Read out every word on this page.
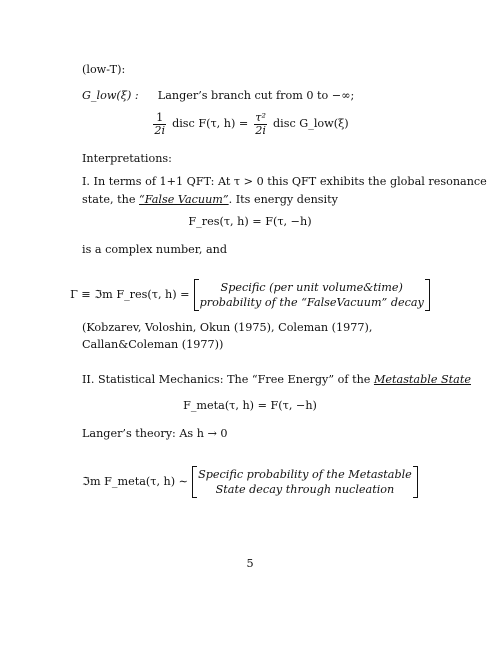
(low-T):
G_low(ξ) : Langer’s branch cut from 0 to −∞;
$\frac{1}{2i}$ disc F(τ, $h) = \frac{\text{τ²}}{2i}$ disc G_low(ξ)
Interpretations:
I. In terms of 1+1 QFT: At τ > 0 this QFT exhibits the global resonance
state, the “False Vacuum”. Its energy density
F_res(τ, h) = F(τ, −h)
is a complex number, and
Γ ≡ ℑm F_res(τ, h) =
Specific (per unit volume&time)
probability of the “FalseVacuum” decay
(Kobzarev, Voloshin, Okun (1975), Coleman (1977),
Callan&Coleman (1977))
II. Statistical Mechanics: The “Free Energy” of the Metastable State
F_meta(τ, h) = F(τ, −h)
Langer’s theory: As h → 0
ℑm F_meta(τ, h) ∼
Specific probability of the Metastable
State decay through nucleation
5
